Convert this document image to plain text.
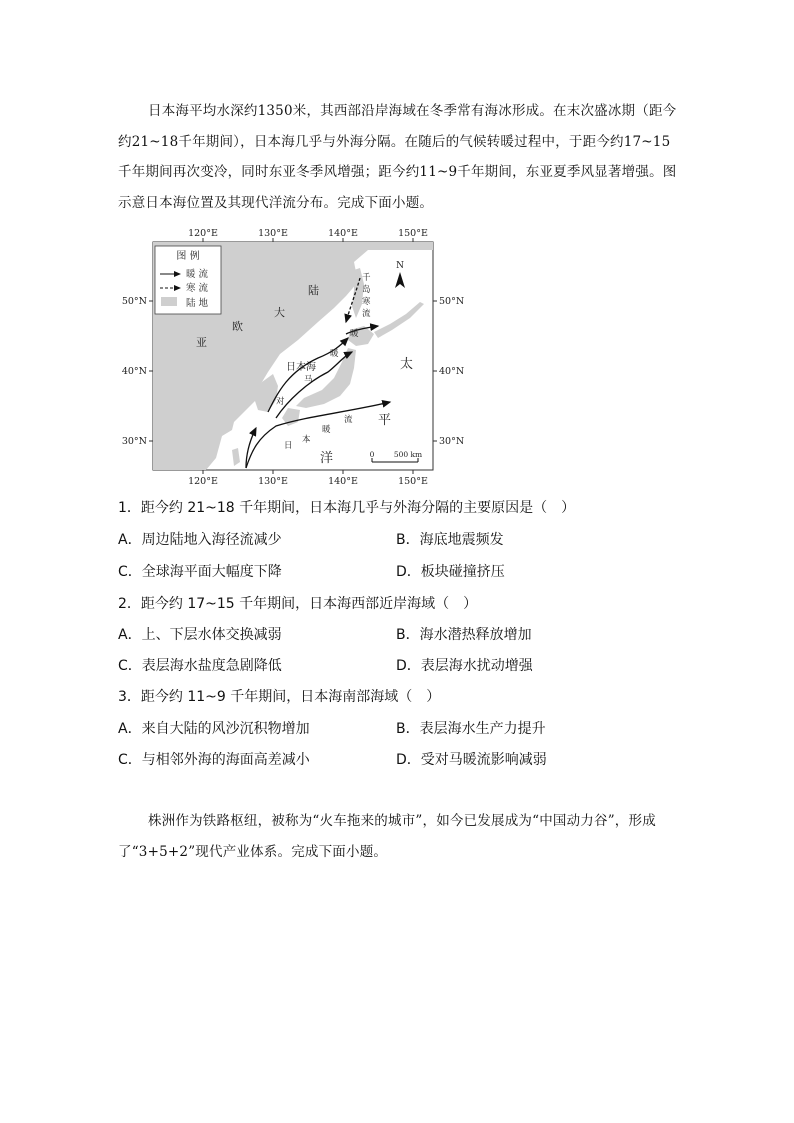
日本海平均水深约1350米，其西部沿岸海域在冬季常有海冰形成。在末次盛冰期（距今约21~18千年期间），日本海几乎与外海分隔。在随后的气候转暖过程中，于距今约17~15千年期间再次变冷，同时东亚冬季风增强；距今约11~9千年期间，东亚夏季风显著增强。图示意日本海位置及其现代洋流分布。完成下面小题。

120°E	130°E	140°E	150°E
120°E	130°E	140°E	150°E
50°N
40°N
30°N
50°N
40°N
30°N
图 例
暖 流
寒 流
陆 地
大
陆
欧
亚
太
平
洋
日本海
N
0	500 km
千
岛
寒
流
暖
暖
马
对
暖
流
日
本
1．距今约 21~18 千年期间，日本海几乎与外海分隔的主要原因是（　）
A．周边陆地入海径流减少	B．海底地震频发
C．全球海平面大幅度下降	D．板块碰撞挤压
2．距今约 17~15 千年期间，日本海西部近岸海域（　）
A．上、下层水体交换减弱	B．海水潜热释放增加
C．表层海水盐度急剧降低	D．表层海水扰动增强
3．距今约 11~9 千年期间，日本海南部海域（　）
A．来自大陆的风沙沉积物增加	B．表层海水生产力提升
C．与相邻外海的海面高差减小	D．受对马暖流影响减弱

株洲作为铁路枢纽，被称为“火车拖来的城市”，如今已发展成为“中国动力谷”，形成了“3+5+2”现代产业体系。完成下面小题。
